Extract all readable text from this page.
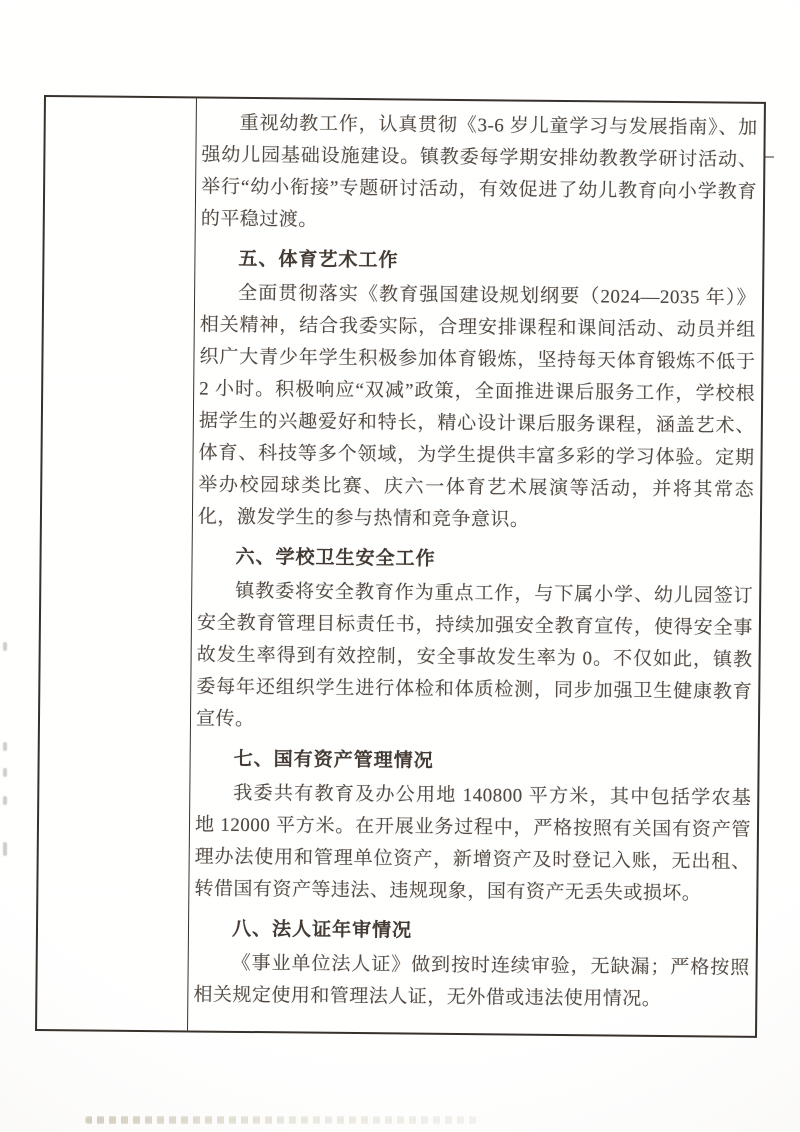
重视幼教工作，认真贯彻《3-6 岁儿童学习与发展指南》、加强幼儿园基础设施建设。镇教委每学期安排幼教教学研讨活动、举行“幼小衔接”专题研讨活动，有效促进了幼儿教育向小学教育的平稳过渡。

五、体育艺术工作

全面贯彻落实《教育强国建设规划纲要（2024—2035 年）》相关精神，结合我委实际，合理安排课程和课间活动、动员并组织广大青少年学生积极参加体育锻炼，坚持每天体育锻炼不低于 2 小时。积极响应“双减”政策，全面推进课后服务工作，学校根据学生的兴趣爱好和特长，精心设计课后服务课程，涵盖艺术、体育、科技等多个领域，为学生提供丰富多彩的学习体验。定期举办校园球类比赛、庆六一体育艺术展演等活动，并将其常态化，激发学生的参与热情和竞争意识。

六、学校卫生安全工作

镇教委将安全教育作为重点工作，与下属小学、幼儿园签订安全教育管理目标责任书，持续加强安全教育宣传，使得安全事故发生率得到有效控制，安全事故发生率为 0。不仅如此，镇教委每年还组织学生进行体检和体质检测，同步加强卫生健康教育宣传。

七、国有资产管理情况

我委共有教育及办公用地 140800 平方米，其中包括学农基地 12000 平方米。在开展业务过程中，严格按照有关国有资产管理办法使用和管理单位资产，新增资产及时登记入账，无出租、转借国有资产等违法、违规现象，国有资产无丢失或损坏。

八、法人证年审情况

《事业单位法人证》做到按时连续审验，无缺漏；严格按照相关规定使用和管理法人证，无外借或违法使用情况。
